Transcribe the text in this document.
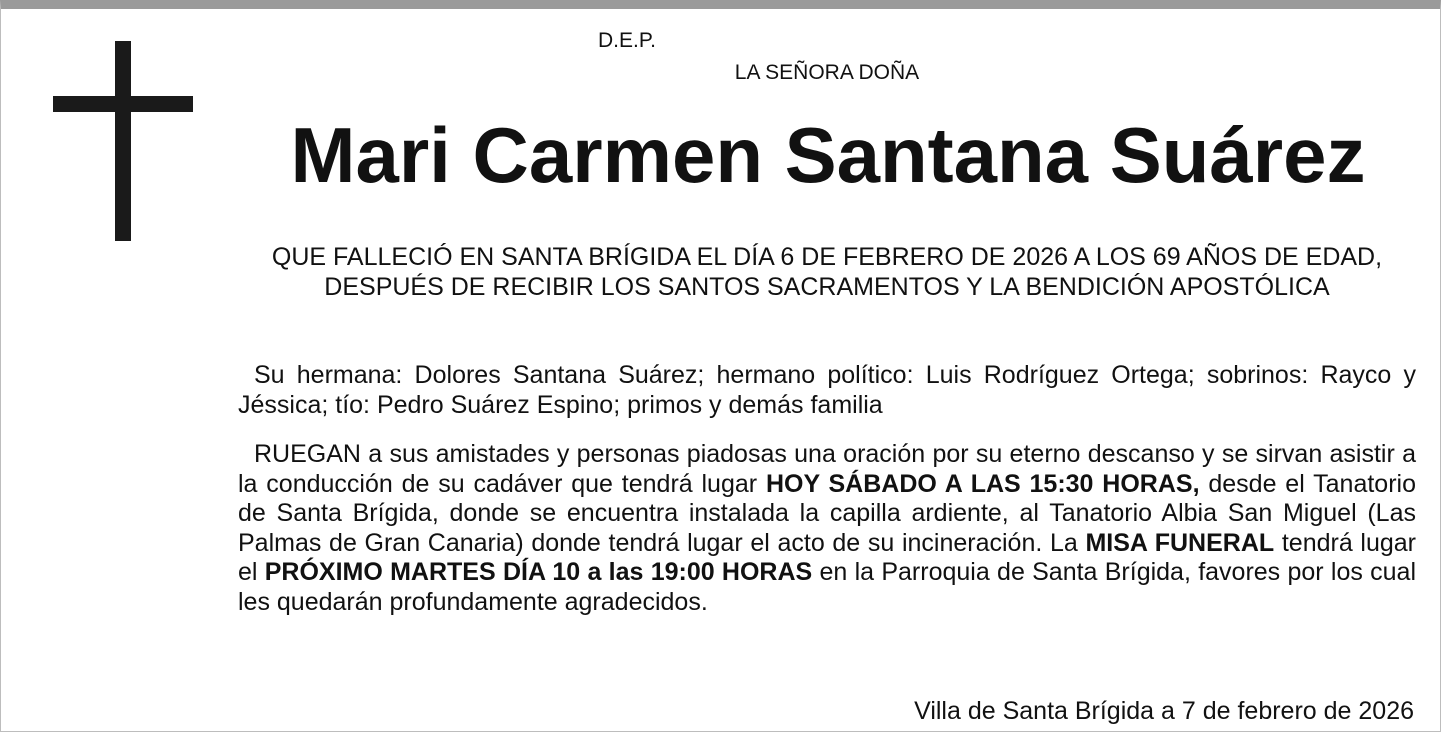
D.E.P.
LA SEÑORA DOÑA
Mari Carmen Santana Suárez
QUE FALLECIÓ EN SANTA BRÍGIDA EL DÍA 6 DE FEBRERO DE 2026 A LOS 69 AÑOS DE EDAD, DESPUÉS DE RECIBIR LOS SANTOS SACRAMENTOS Y LA BENDICIÓN APOSTÓLICA

Su hermana: Dolores Santana Suárez; hermano político: Luis Rodríguez Ortega; sobrinos: Rayco y Jéssica; tío: Pedro Suárez Espino; primos y demás familia

RUEGAN a sus amistades y personas piadosas una oración por su eterno descanso y se sirvan asistir a la conducción de su cadáver que tendrá lugar HOY SÁBADO A LAS 15:30 HORAS, desde el Tanatorio de Santa Brígida, donde se encuentra instalada la capilla ardiente, al Tanatorio Albia San Miguel (Las Palmas de Gran Canaria) donde tendrá lugar el acto de su incineración. La MISA FUNERAL tendrá lugar el PRÓXIMO MARTES DÍA 10 a las 19:00 HORAS en la Parroquia de Santa Brígida, favores por los cual les quedarán profundamente agradecidos.

Villa de Santa Brígida a 7 de febrero de 2026
